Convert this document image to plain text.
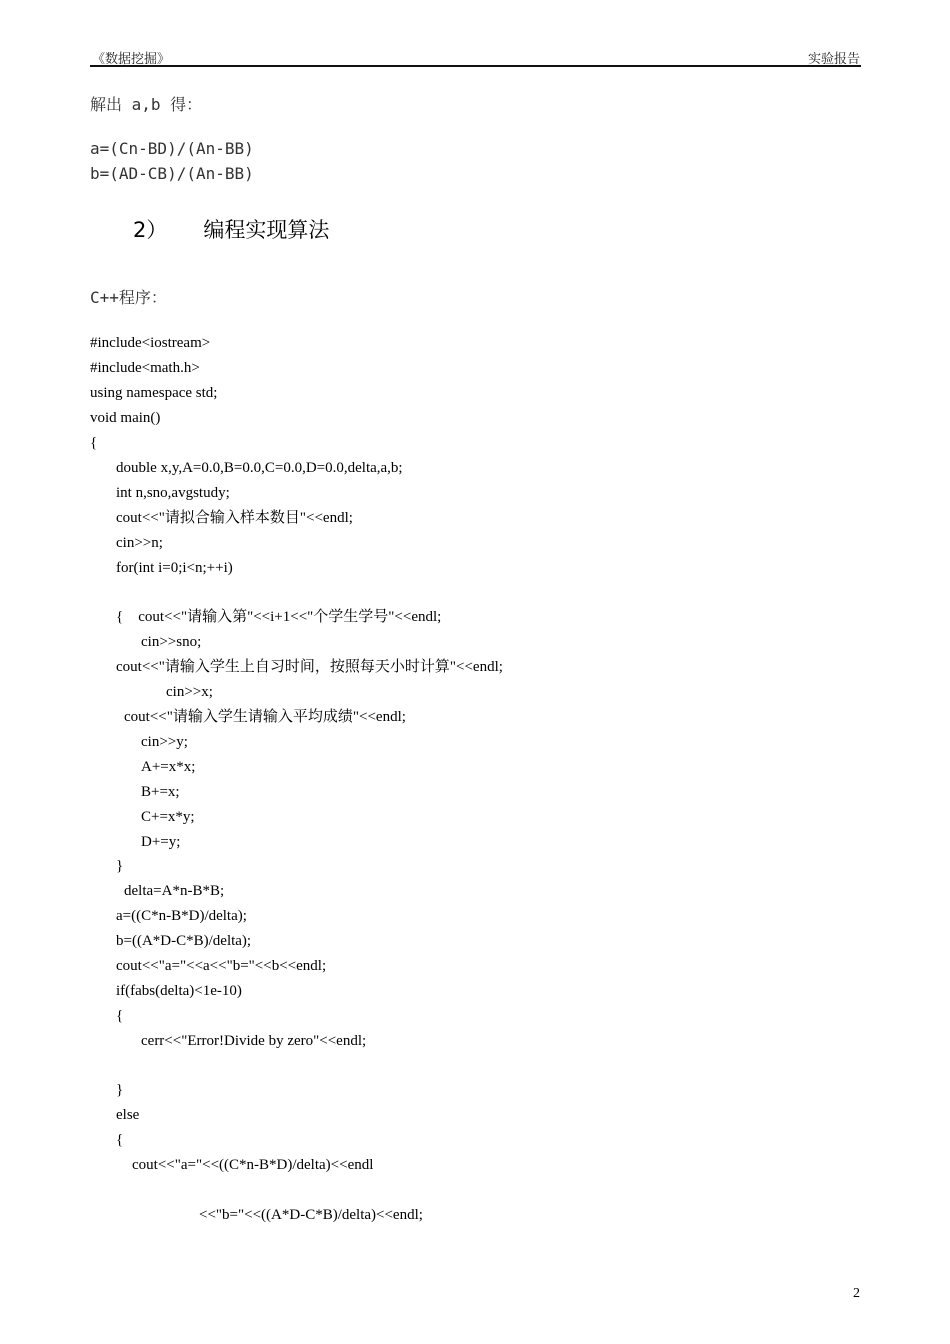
《数据挖掘》	实验报告
解出 a,b 得：
a=(Cn-BD)/(An-BB)
b=(AD-CB)/(An-BB)
2） 编程实现算法
C++程序：
#include<iostream>
#include<math.h>
using namespace std;
void main()
{
double x,y,A=0.0,B=0.0,C=0.0,D=0.0,delta,a,b;
int n,sno,avgstudy;
cout<<"请拟合输入样本数目"<<endl;
cin>>n;
for(int i=0;i<n;++i)
{    cout<<"请输入第"<<i+1<<"个学生学号"<<endl;
cin>>sno;
cout<<"请输入学生上自习时间，按照每天小时计算"<<endl;
cin>>x;
cout<<"请输入学生请输入平均成绩"<<endl;
cin>>y;
A+=x*x;
B+=x;
C+=x*y;
D+=y;
}
delta=A*n-B*B;
a=((C*n-B*D)/delta);
b=((A*D-C*B)/delta);
cout<<"a="<<a<<"b="<<b<<endl;
if(fabs(delta)<1e-10)
{
cerr<<"Error!Divide by zero"<<endl;
}
else
{
cout<<"a="<<((C*n-B*D)/delta)<<endl
<<"b="<<((A*D-C*B)/delta)<<endl;
2
